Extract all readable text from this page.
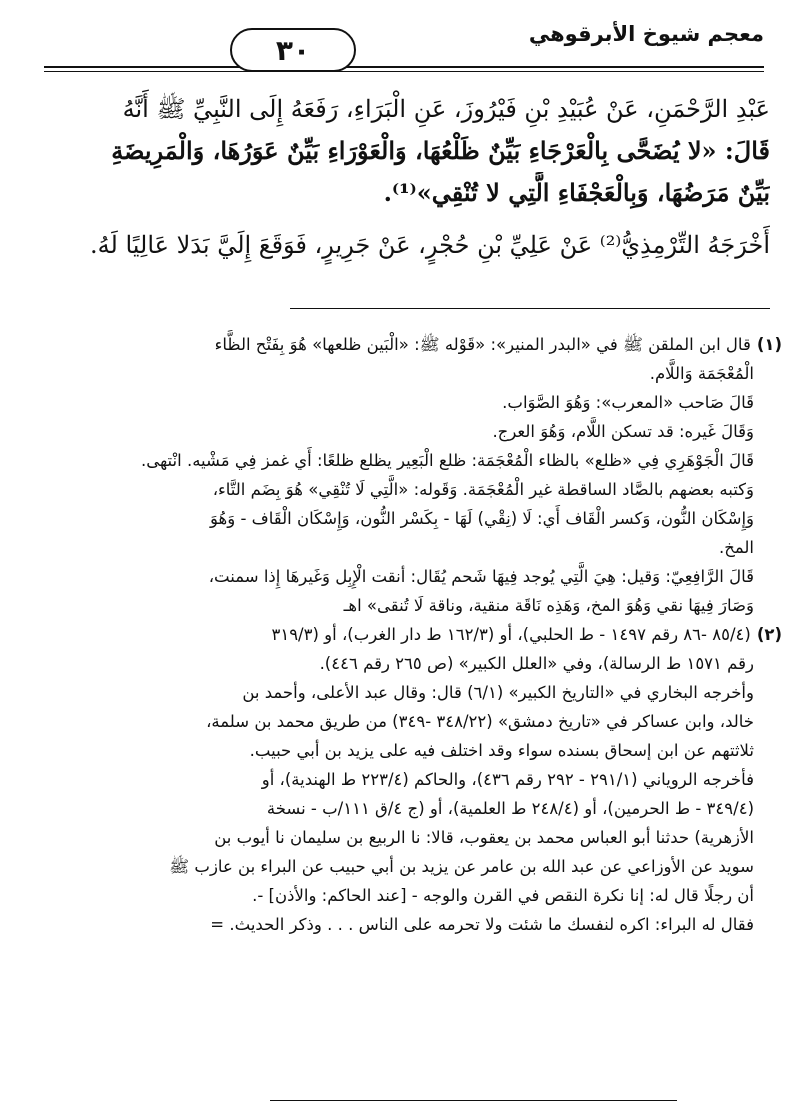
معجم شيوخ الأبرقوهي
٣٠
عَبْدِ الرَّحْمَنِ، عَنْ عُبَيْدِ بْنِ فَيْرُوزَ، عَنِ الْبَرَاءِ، رَفَعَهُ إِلَى النَّبِيِّ ﷺ أَنَّهُ
قَالَ: «لا يُضَحَّى بِالْعَرْجَاءِ بَيِّنٌ ظَلْعُهَا، وَالْعَوْرَاءِ بَيِّنٌ عَوَرُهَا، وَالْمَرِيضَةِ
بَيِّنٌ مَرَضُهَا، وَبِالْعَجْفَاءِ الَّتِي لا تُنْقِي»⁽¹⁾.
أَخْرَجَهُ التِّرْمِذِيُّ⁽²⁾ عَنْ عَلِيِّ بْنِ حُجْرٍ، عَنْ جَرِيرٍ، فَوَقَعَ إِلَيَّ بَدَلا عَالِيًا لَهُ.
(١)قال ابن الملقن ﷺ في «البدر المنير»: «قَوْله ﷺ: «الْبَين ظلعها» هُوَ بِفَتْح الظَّاء
الْمُعْجَمَة وَاللَّام.
قَالَ صَاحب «المعرب»: وَهُوَ الصَّوَاب.
وَقَالَ غَيره: قد تسكن اللَّام، وَهُوَ العرج.
قَالَ الْجَوْهَرِي فِي «ظلع» بالظاء الْمُعْجَمَة: ظلع الْبَعِير يظلع ظلعًا: أَي غمز فِي مَشْيه. انْتهى.
وَكتبه بعضهم بالصَّاد الساقطة غير الْمُعْجَمَة. وَقَوله: «الَّتِي لَا تُنْقِي» هُوَ بِضَم التَّاء،
وَإِسْكَان النُّون، وَكسر الْقَاف أَي: لَا (نِقْي) لَهَا - بِكَسْر النُّون، وَإِسْكَان الْقَاف - وَهُوَ
المخ.
قَالَ الرَّافِعِيّ: وَقيل: هِيَ الَّتِي يُوجد فِيهَا شَحم يُقَال: أنقت الْإِبِل وَغَيرهَا إِذا سمنت،
وَصَارَ فِيهَا نقي وَهُوَ المخ، وَهَذِه نَاقَة منقية، وناقة لَا تُنقى» اهـ
(٢)(٨٥/٤ -٨٦ رقم ١٤٩٧ - ط الحلبي)، أو (١٦٢/٣ ط دار الغرب)، أو (٣١٩/٣
رقم ١٥٧١ ط الرسالة)، وفي «العلل الكبير» (ص ٢٦٥ رقم ٤٤٦).
وأخرجه البخاري في «التاريخ الكبير» (٦/١) قال: وقال عبد الأعلى، وأحمد بن
خالد، وابن عساكر في «تاريخ دمشق» (٣٤٨/٢٢ -٣٤٩) من طريق محمد بن سلمة،
ثلاثتهم عن ابن إسحاق بسنده سواء وقد اختلف فيه على يزيد بن أبي حبيب.
فأخرجه الروياني (٢٩١/١ - ٢٩٢ رقم ٤٣٦)، والحاكم (٢٢٣/٤ ط الهندية)، أو
(٣٤٩/٤ - ط الحرمين)، أو (٢٤٨/٤ ط العلمية)، أو (ج ٤/ق ١١١/ب - نسخة
الأزهرية) حدثنا أبو العباس محمد بن يعقوب، قالا: نا الربيع بن سليمان نا أيوب بن
سويد عن الأوزاعي عن عبد الله بن عامر عن يزيد بن أبي حبيب عن البراء بن عازب ﷺ
أن رجلًا قال له: إنا نكرة النقص في القرن والوجه - [عند الحاكم: والأذن] -.
فقال له البراء: اكره لنفسك ما شئت ولا تحرمه على الناس . . . وذكر الحديث. =
